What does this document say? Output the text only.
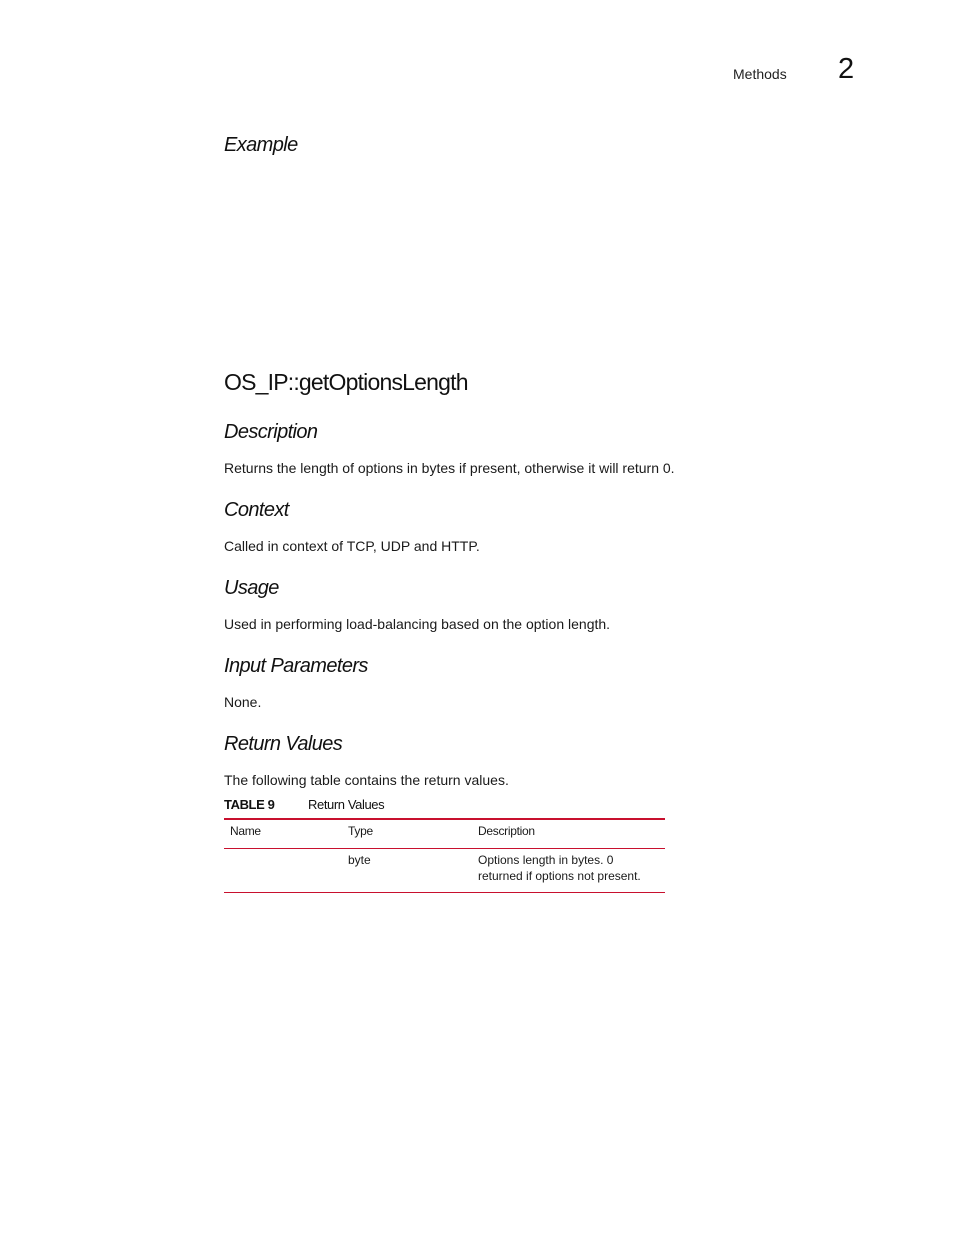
Methods 2
Example
OS_IP::getOptionsLength
Description

Returns the length of options in bytes if present, otherwise it will return 0.

Context

Called in context of TCP, UDP and HTTP.

Usage

Used in performing load-balancing based on the option length.

Input Parameters

None.

Return Values

The following table contains the return values.

TABLE 9	Return Values
Name	Type	Description
	byte	Options length in bytes. 0 returned if options not present.
